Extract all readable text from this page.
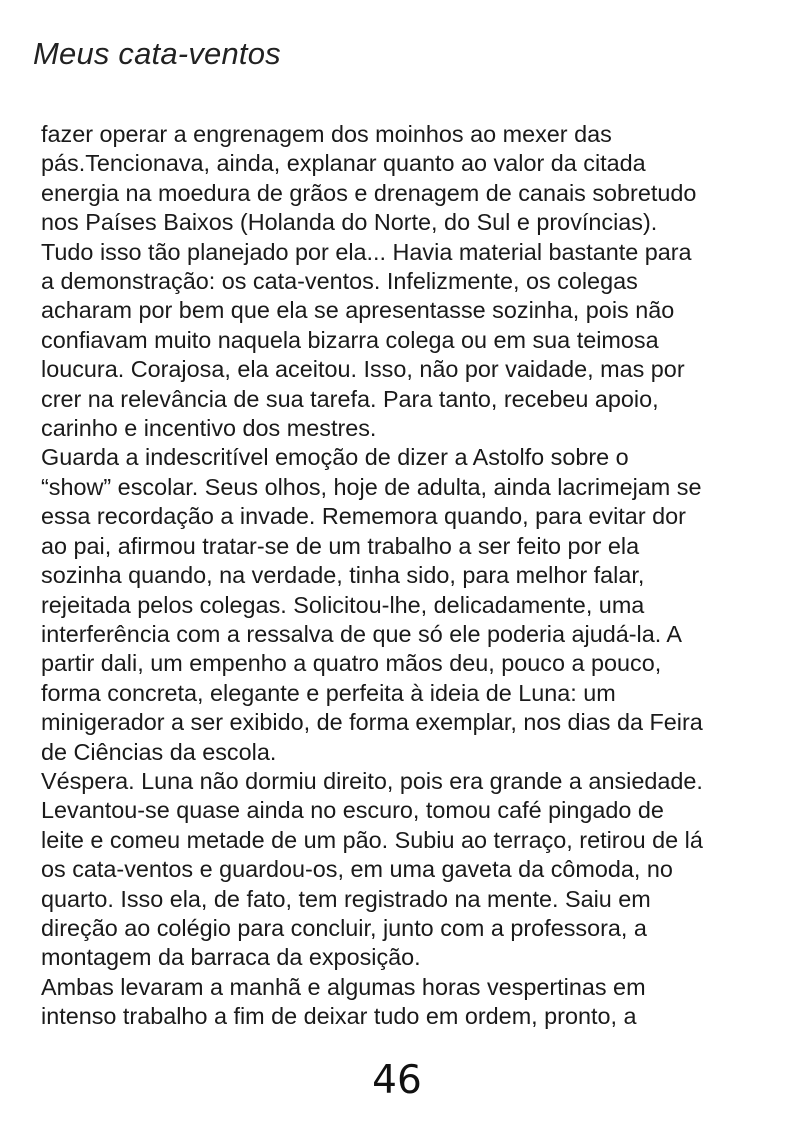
Meus cata-ventos
fazer operar a engrenagem dos moinhos ao mexer das
pás.Tencionava, ainda, explanar quanto ao valor da citada
energia na moedura de grãos e drenagem de canais sobretudo
nos Países Baixos (Holanda do Norte, do Sul e províncias).
Tudo isso tão planejado por ela... Havia material bastante para
a demonstração: os cata-ventos. Infelizmente, os colegas
acharam por bem que ela se apresentasse sozinha, pois não
confiavam muito naquela bizarra colega ou em sua teimosa
loucura. Corajosa, ela aceitou. Isso, não por vaidade, mas por
crer na relevância de sua tarefa. Para tanto, recebeu apoio,
carinho e incentivo dos mestres.
Guarda a indescritível emoção de dizer a Astolfo sobre o
“show” escolar. Seus olhos, hoje de adulta, ainda lacrimejam se
essa recordação a invade. Rememora quando, para evitar dor
ao pai, afirmou tratar-se de um trabalho a ser feito por ela
sozinha quando, na verdade, tinha sido, para melhor falar,
rejeitada pelos colegas. Solicitou-lhe, delicadamente, uma
interferência com a ressalva de que só ele poderia ajudá-la. A
partir dali, um empenho a quatro mãos deu, pouco a pouco,
forma concreta, elegante e perfeita à ideia de Luna: um
minigerador a ser exibido, de forma exemplar, nos dias da Feira
de Ciências da escola.
Véspera. Luna não dormiu direito, pois era grande a ansiedade.
Levantou-se quase ainda no escuro, tomou café pingado de
leite e comeu metade de um pão. Subiu ao terraço, retirou de lá
os cata-ventos e guardou-os, em uma gaveta da cômoda, no
quarto. Isso ela, de fato, tem registrado na mente. Saiu em
direção ao colégio para concluir, junto com a professora, a
montagem da barraca da exposição.
Ambas levaram a manhã e algumas horas vespertinas em
intenso trabalho a fim de deixar tudo em ordem, pronto, a
46
